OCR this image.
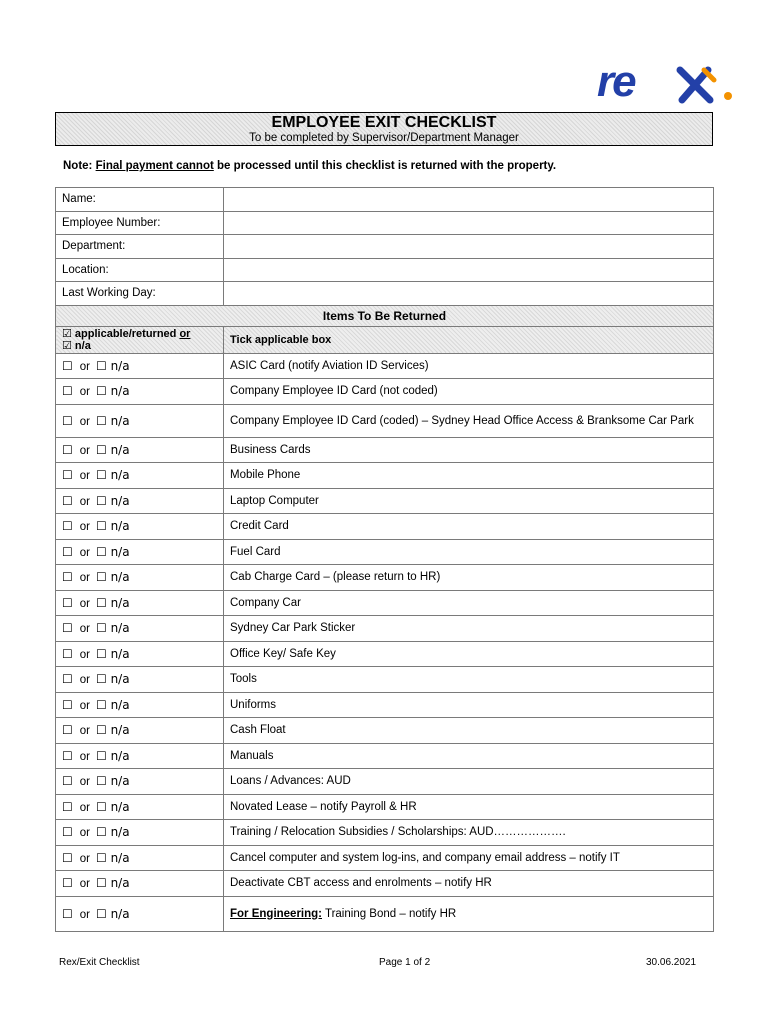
re
EMPLOYEE EXIT CHECKLIST
To be completed by Supervisor/Department Manager
Note: Final payment cannot be processed until this checklist is returned with the property.
Name:	
Employee Number:	
Department:	
Location:	
Last Working Day:	
Items To Be Returned	
☑ applicable/returned or
☑ n/a	Tick applicable box
☐ or ☐ n/a	ASIC Card (notify Aviation ID Services)
☐ or ☐ n/a	Company Employee ID Card (not coded)
☐ or ☐ n/a	Company Employee ID Card (coded) – Sydney Head Office Access & Branksome Car Park
☐ or ☐ n/a	Business Cards
☐ or ☐ n/a	Mobile Phone
☐ or ☐ n/a	Laptop Computer
☐ or ☐ n/a	Credit Card
☐ or ☐ n/a	Fuel Card
☐ or ☐ n/a	Cab Charge Card – (please return to HR)
☐ or ☐ n/a	Company Car
☐ or ☐ n/a	Sydney Car Park Sticker
☐ or ☐ n/a	Office Key/ Safe Key
☐ or ☐ n/a	Tools
☐ or ☐ n/a	Uniforms
☐ or ☐ n/a	Cash Float
☐ or ☐ n/a	Manuals
☐ or ☐ n/a	Loans / Advances: AUD
☐ or ☐ n/a	Novated Lease – notify Payroll & HR
☐ or ☐ n/a	Training / Relocation Subsidies / Scholarships: AUD……………….
☐ or ☐ n/a	Cancel computer and system log-ins, and company email address – notify IT
☐ or ☐ n/a	Deactivate CBT access and enrolments – notify HR
☐ or ☐ n/a	For Engineering: Training Bond – notify HR
Rex/Exit Checklist	Page 1 of 2	30.06.2021
